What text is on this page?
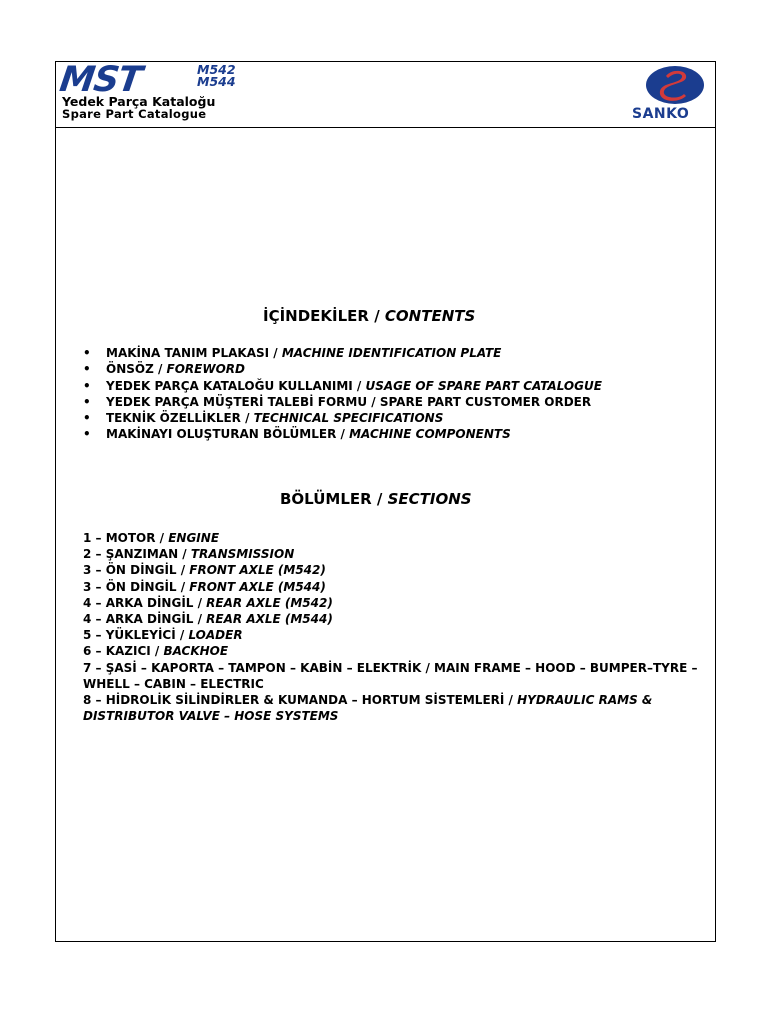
MST	M542
M544
Yedek Parça Kataloğu
Spare Part Catalogue	SANKO
İÇİNDEKİLER / CONTENTS
• MAKİNA TANIM PLAKASI / MACHINE IDENTIFICATION PLATE
• ÖNSÖZ / FOREWORD
• YEDEK PARÇA KATALOĞU KULLANIMI / USAGE OF SPARE PART CATALOGUE
• YEDEK PARÇA MÜŞTERİ TALEBİ FORMU / SPARE PART CUSTOMER ORDER
• TEKNİK ÖZELLİKLER / TECHNICAL SPECIFICATIONS
• MAKİNAYI OLUŞTURAN BÖLÜMLER / MACHINE COMPONENTS
BÖLÜMLER / SECTIONS
1 – MOTOR / ENGINE
2 – ŞANZIMAN / TRANSMISSION
3 – ÖN DİNGİL / FRONT AXLE (M542)
3 – ÖN DİNGİL / FRONT AXLE (M544)
4 – ARKA DİNGİL / REAR AXLE (M542)
4 – ARKA DİNGİL / REAR AXLE (M544)
5 – YÜKLEYİCİ / LOADER
6 – KAZICI / BACKHOE
7 – ŞASİ – KAPORTA – TAMPON – KABİN – ELEKTRİK / MAIN FRAME – HOOD – BUMPER–TYRE – WHELL – CABIN – ELECTRIC
8 – HİDROLİK SİLİNDİRLER & KUMANDA – HORTUM SİSTEMLERİ / HYDRAULIC RAMS & DISTRIBUTOR VALVE – HOSE SYSTEMS
